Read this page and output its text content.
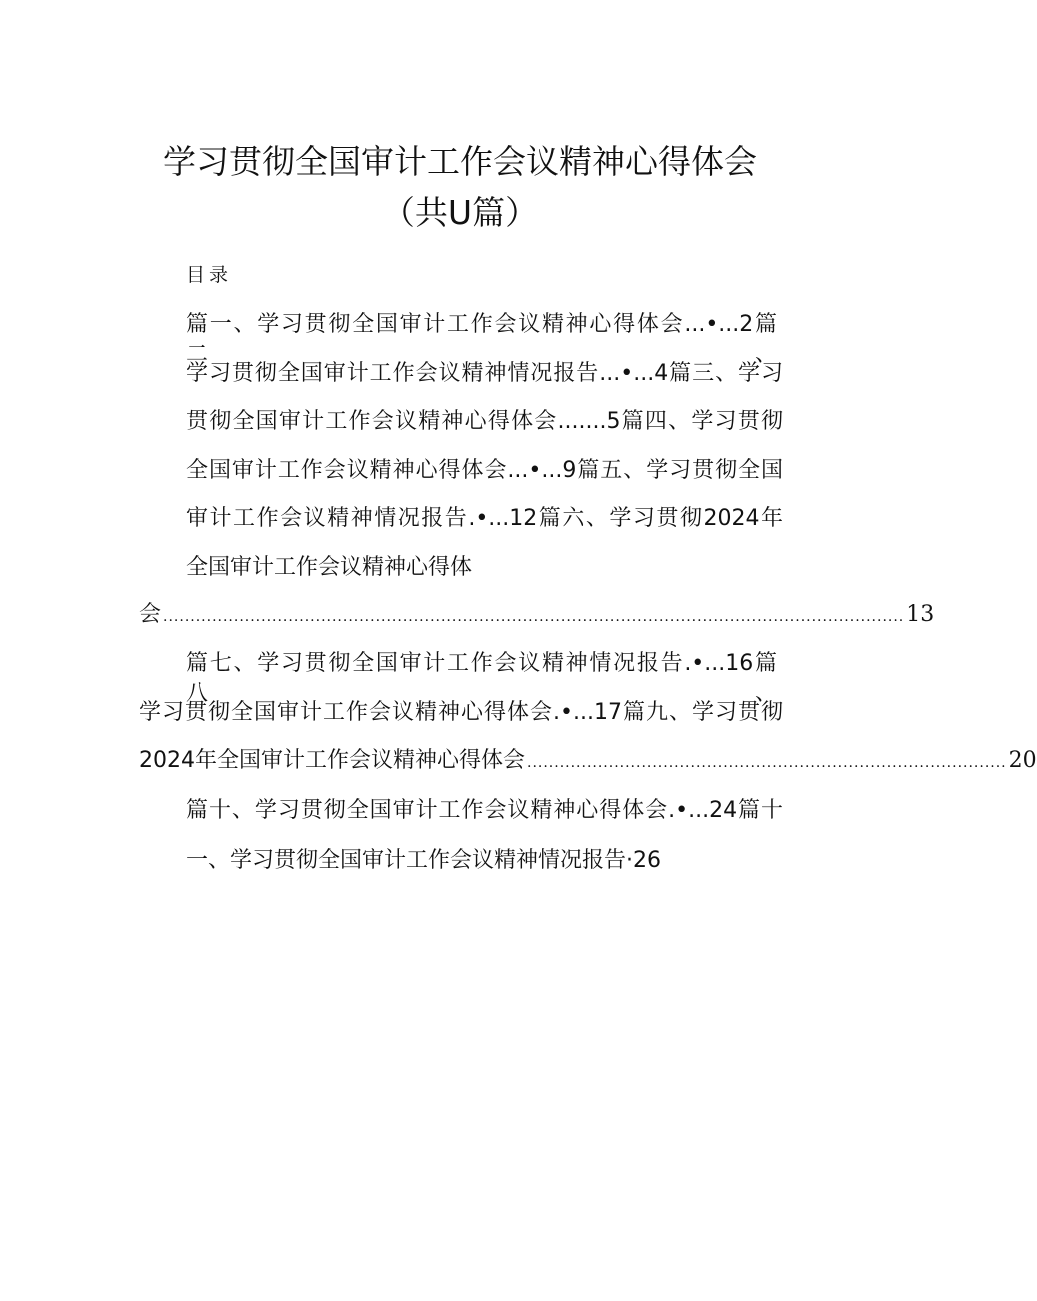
学习贯彻全国审计工作会议精神心得体会
（共U篇）
目录
篇一、学习贯彻全国审计工作会议精神心得体会...•...2篇二、
学习贯彻全国审计工作会议精神情况报告...•...4篇三、学习
贯彻全国审计工作会议精神心得体会.......5篇四、学习贯彻
全国审计工作会议精神心得体会...•...9篇五、学习贯彻全国
审计工作会议精神情况报告.•...12篇六、学习贯彻2024年
全国审计工作会议精神心得体
会 ........................................................................................................................................ 13
篇七、学习贯彻全国审计工作会议精神情况报告.•...16篇八、
学习贯彻全国审计工作会议精神心得体会.•...17篇九、学习贯彻
2024年全国审计工作会议精神心得体会 ........................................................................................ 20
篇十、学习贯彻全国审计工作会议精神心得体会.•...24篇十
一、学习贯彻全国审计工作会议精神情况报告·26
